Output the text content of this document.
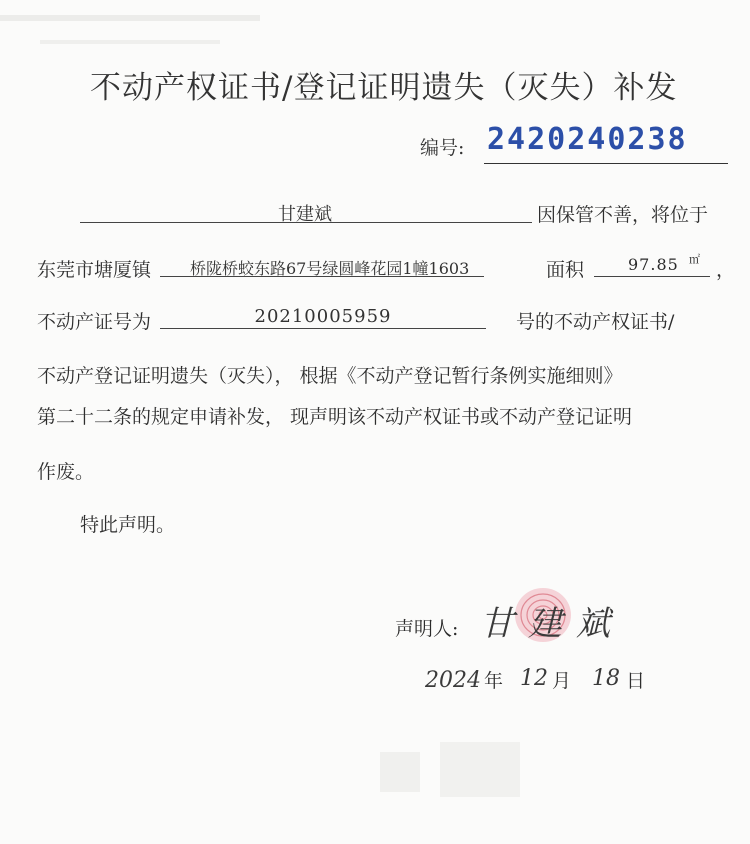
不动产权证书/登记证明遗失（灭失）补发
编号: 2420240238
甘建斌	因保管不善，将位于
东莞市塘厦镇 桥陇桥蛟东路67号绿圆峰花园1幢1603	面积	97.85 ㎡ ，
不动产证号为	20210005959	号的不动产权证书/
不动产登记证明遗失（灭失）， 根据《不动产登记暂行条例实施细则》
第二十二条的规定申请补发， 现声明该不动产权证书或不动产登记证明
作废。
特此声明。
声明人: 甘建斌
2024 年 12 月 18 日
